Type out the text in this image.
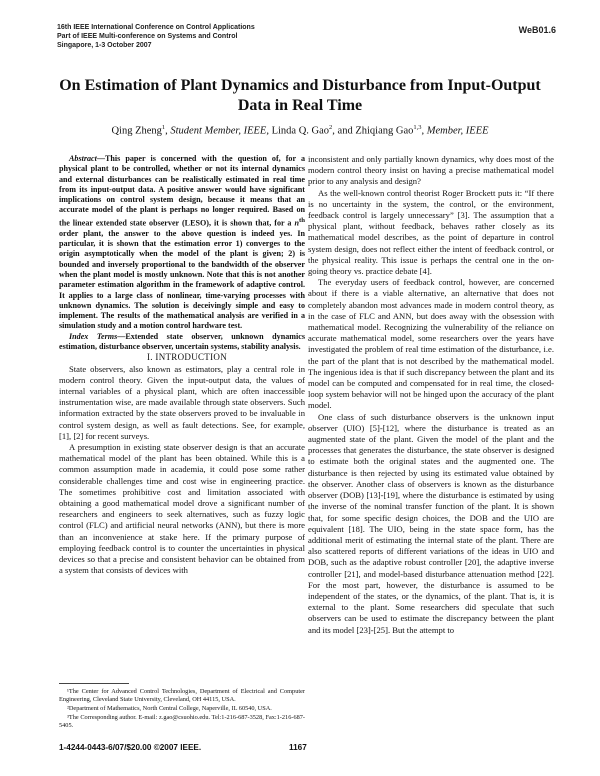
16th IEEE International Conference on Control Applications
Part of IEEE Multi-conference on Systems and Control
Singapore, 1-3 October 2007
WeB01.6
On Estimation of Plant Dynamics and Disturbance from Input-Output
Data in Real Time
Qing Zheng$^1$, Student Member, IEEE, Linda Q. Gao$^2$, and Zhiqiang Gao$^{1,3}$, Member, IEEE

Abstract—This paper is concerned with the question of, for a physical plant to be controlled, whether or not its internal dynamics and external disturbances can be realistically estimated in real time from its input-output data. A positive answer would have significant implications on control system design, because it means that an accurate model of the plant is perhaps no longer required. Based on the linear extended state observer (LESO), it is shown that, for a $n^{th}$ order plant, the answer to the above question is indeed yes. In particular, it is shown that the estimation error 1) converges to the origin asymptotically when the model of the plant is given; 2) is bounded and inversely proportional to the bandwidth of the observer when the plant model is mostly unknown. Note that this is not another parameter estimation algorithm in the framework of adaptive control. It applies to a large class of nonlinear, time-varying processes with unknown dynamics. The solution is deceivingly simple and easy to implement. The results of the mathematical analysis are verified in a simulation study and a motion control hardware test.

Index Terms—Extended state observer, unknown dynamics estimation, disturbance observer, uncertain systems, stability analysis.

I. INTRODUCTION

State observers, also known as estimators, play a central role in modern control theory. Given the input-output data, the values of internal variables of a physical plant, which are often inaccessible instrumentation wise, are made available through state observers. Such information extracted by the state observers proved to be invaluable in control system design, as well as fault detections. See, for example, [1], [2] for recent surveys.

A presumption in existing state observer design is that an accurate mathematical model of the plant has been obtained. While this is a common assumption made in academia, it could pose some rather considerable challenges time and cost wise in engineering practice. The sometimes prohibitive cost and limitation associated with obtaining a good mathematical model drove a significant number of researchers and engineers to seek alternatives, such as fuzzy logic control (FLC) and artificial neural networks (ANN), but there is more than an inconvenience at stake here. If the primary purpose of employing feedback control is to counter the uncertainties in physical devices so that a precise and consistent behavior can be obtained from a system that consists of devices with

¹The Center for Advanced Control Technologies, Department of Electrical and Computer Engineering, Cleveland State University, Cleveland, OH 44115, USA.

²Department of Mathematics, North Central College, Naperville, IL 60540, USA.

³The Corresponding author. E-mail: z.gao@csuohio.edu. Tel:1-216-687-3528, Fax:1-216-687-5405.

inconsistent and only partially known dynamics, why does most of the modern control theory insist on having a precise mathematical model prior to any analysis and design?

As the well-known control theorist Roger Brockett puts it: “If there is no uncertainty in the system, the control, or the environment, feedback control is largely unnecessary” [3]. The assumption that a physical plant, without feedback, behaves rather closely as its mathematical model describes, as the point of departure in control system design, does not reflect either the intent of feedback control, or the physical reality. This issue is perhaps the central one in the on-going theory vs. practice debate [4].

The everyday users of feedback control, however, are concerned about if there is a viable alternative, an alternative that does not completely abandon most advances made in modern control theory, as in the case of FLC and ANN, but does away with the obsession with mathematical model. Recognizing the vulnerability of the reliance on accurate mathematical model, some researchers over the years have investigated the problem of real time estimation of the disturbance, i.e. the part of the plant that is not described by the mathematical model. The ingenious idea is that if such discrepancy between the plant and its model can be computed and compensated for in real time, the closed-loop system behavior will not be hinged upon the accuracy of the plant model.

One class of such disturbance observers is the unknown input observer (UIO) [5]-[12], where the disturbance is treated as an augmented state of the plant. Given the model of the plant and the processes that generates the disturbance, the state observer is designed to estimate both the original states and the augmented one. The disturbance is then rejected by using its estimated value obtained by the observer. Another class of observers is known as the disturbance observer (DOB) [13]-[19], where the disturbance is estimated by using the inverse of the nominal transfer function of the plant. It is shown that, for some specific design choices, the DOB and the UIO are equivalent [18]. The UIO, being in the state space form, has the additional merit of estimating the internal state of the plant. There are also scattered reports of different variations of the ideas in UIO and DOB, such as the adaptive robust controller [20], the adaptive inverse controller [21], and model-based disturbance attenuation method [22]. For the most part, however, the disturbance is assumed to be independent of the states, or the dynamics, of the plant. That is, it is external to the plant. Some researchers did speculate that such observers can be used to estimate the discrepancy between the plant and its model [23]-[25]. But the attempt to

1-4244-0443-6/07/$20.00 ©2007 IEEE.	1167
